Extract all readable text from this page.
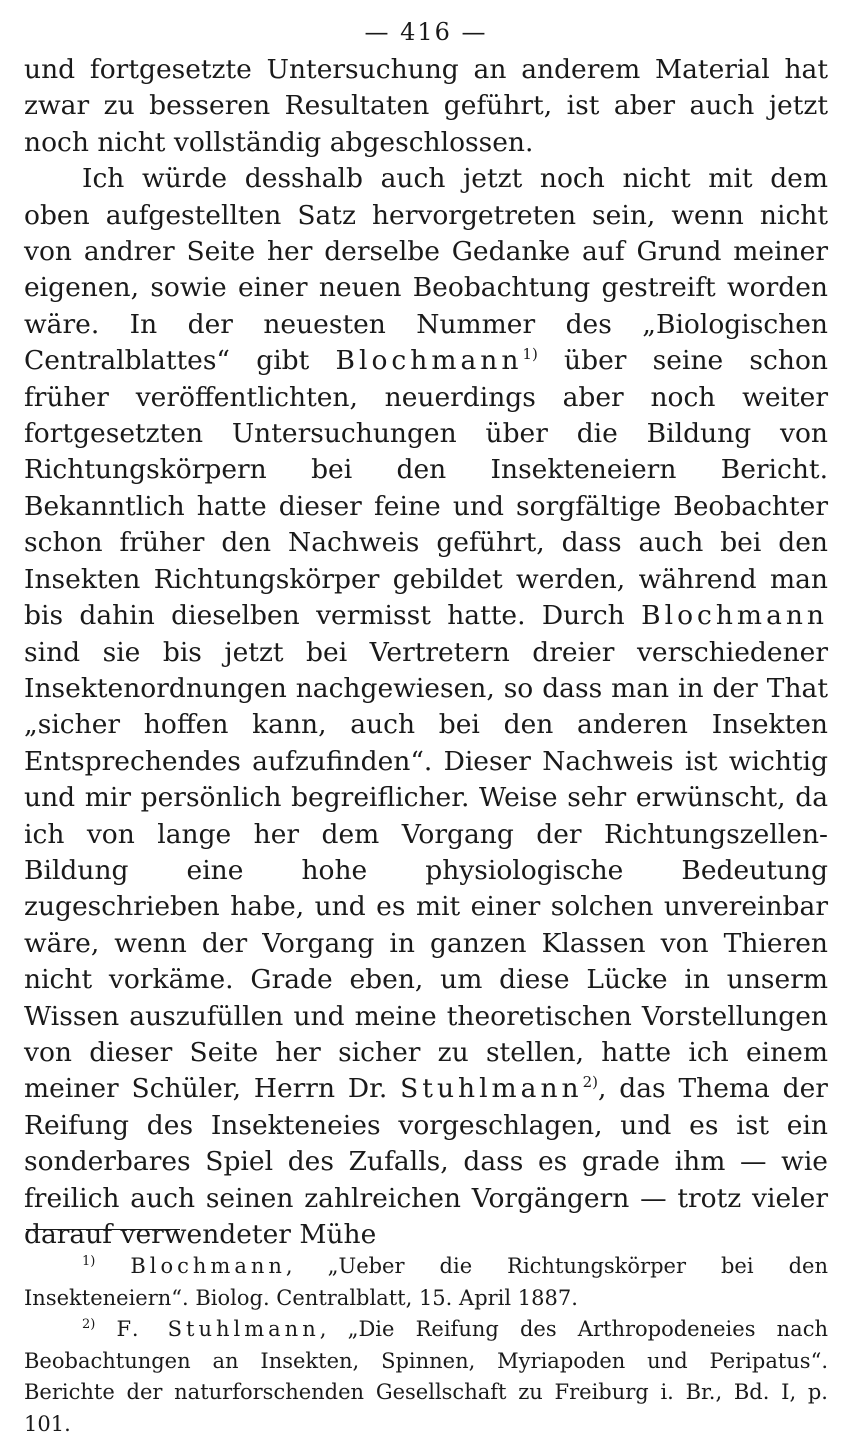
— 416 —

und fortgesetzte Untersuchung an anderem Material hat zwar zu besseren Resultaten geführt, ist aber auch jetzt noch nicht vollständig abgeschlossen.

Ich würde desshalb auch jetzt noch nicht mit dem oben aufgestellten Satz hervorgetreten sein, wenn nicht von andrer Seite her derselbe Gedanke auf Grund meiner eigenen, sowie einer neuen Beobachtung gestreift worden wäre. In der neuesten Nummer des „Biologischen Centralblattes“ gibt Blochmann$^{1)}$ über seine schon früher veröffentlichten, neuerdings aber noch weiter fortgesetzten Untersuchungen über die Bildung von Richtungskörpern bei den Insekteneiern Bericht. Bekanntlich hatte dieser feine und sorgfältige Beobachter schon früher den Nachweis geführt, dass auch bei den Insekten Richtungskörper gebildet werden, während man bis dahin dieselben vermisst hatte. Durch Blochmann sind sie bis jetzt bei Vertretern dreier verschiedener Insektenordnungen nachgewiesen, so dass man in der That „sicher hoffen kann, auch bei den anderen Insekten Entsprechendes aufzufinden“. Dieser Nachweis ist wichtig und mir persönlich begreiflicher. Weise sehr erwünscht, da ich von lange her dem Vorgang der Richtungszellen-Bildung eine hohe physiologische Bedeutung zugeschrieben habe, und es mit einer solchen unvereinbar wäre, wenn der Vorgang in ganzen Klassen von Thieren nicht vorkäme. Grade eben, um diese Lücke in unserm Wissen auszufüllen und meine theoretischen Vorstellungen von dieser Seite her sicher zu stellen, hatte ich einem meiner Schüler, Herrn Dr. Stuhlmann$^{2)}$, das Thema der Reifung des Insekteneies vorgeschlagen, und es ist ein sonderbares Spiel des Zufalls, dass es grade ihm — wie freilich auch seinen zahlreichen Vorgängern — trotz vieler darauf verwendeter Mühe

$^{1)}$ Blochmann, „Ueber die Richtungskörper bei den Insekteneiern“. Biolog. Centralblatt, 15. April 1887.

$^{2)}$ F. Stuhlmann, „Die Reifung des Arthropodeneies nach Beobachtungen an Insekten, Spinnen, Myriapoden und Peripatus“. Berichte der naturforschenden Gesellschaft zu Freiburg i. Br., Bd. I, p. 101.
